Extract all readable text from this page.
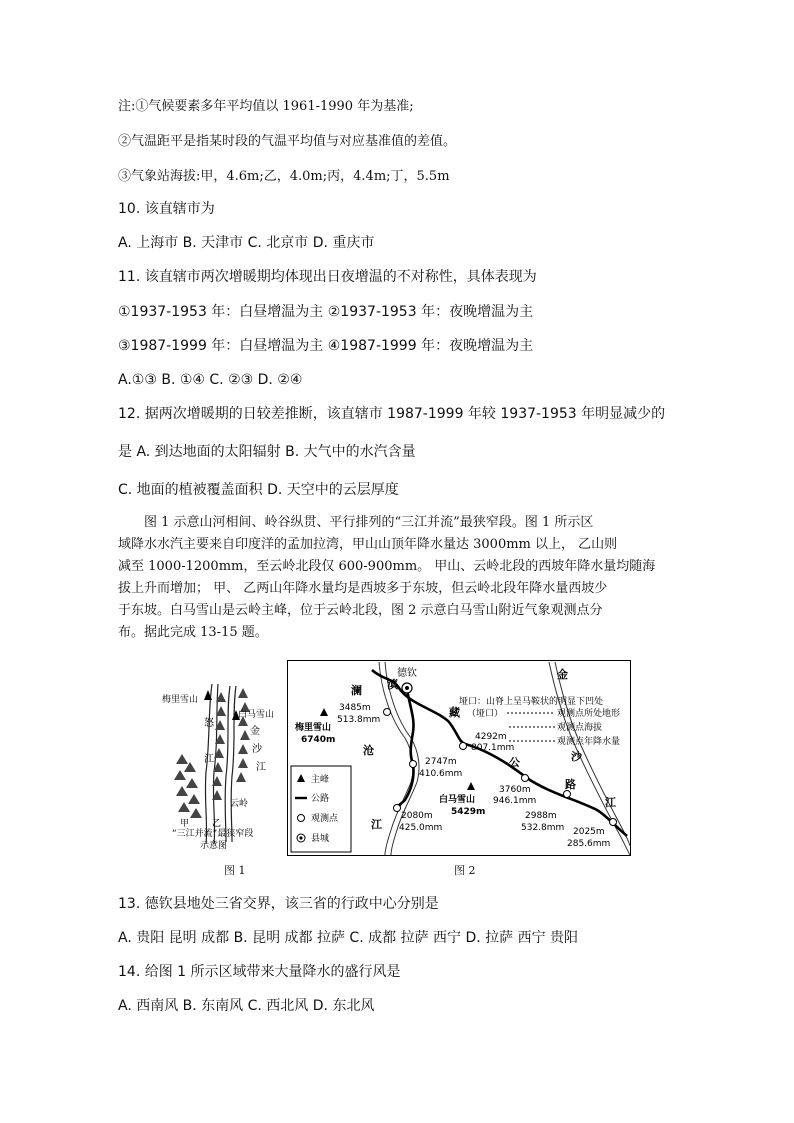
注:①气候要素多年平均值以 1961-1990 年为基准;
②气温距平是指某时段的气温平均值与对应基准值的差值。
③气象站海拔:甲，4.6m;乙，4.0m;丙，4.4m;丁，5.5m
10. 该直辖市为
A. 上海市 B. 天津市 C. 北京市 D. 重庆市
11. 该直辖市两次增暖期均体现出日夜增温的不对称性，具体表现为
①1937-1953 年：白昼增温为主 ②1937-1953 年：夜晚增温为主
③1987-1999 年：白昼增温为主 ④1987-1999 年：夜晚增温为主
A.①③ B. ①④ C. ②③ D. ②④
12. 据两次增暖期的日较差推断，该直辖市 1987-1999 年较 1937-1953 年明显减少的
是 A. 到达地面的太阳辐射 B. 大气中的水汽含量
C. 地面的植被覆盖面积 D. 天空中的云层厚度
图 1 示意山河相间、岭谷纵贯、平行排列的“三江并流”最狭窄段。图 1 所示区
域降水水汽主要来自印度洋的孟加拉湾，甲山山顶年降水量达 3000mm 以上， 乙山则
减至 1000-1200mm，至云岭北段仅 600-900mm。 甲山、云岭北段的西坡年降水量均随海
拔上升而增加； 甲、 乙两山年降水量均是西坡多于东坡，但云岭北段年降水量西坡少
于东坡。白马雪山是云岭主峰，位于云岭北段，图 2 示意白马雪山附近气象观测点分
布。据此完成 13-15 题。
梅里雪山
白马雪山
怒
江
金
沙
江
云岭
甲	乙
“三江并流”最狭窄段
示意图
图 1
德钦
3485m
513.8mm
4292m
807.1mm
2747m
410.6mm
3760m
946.1mm
2080m
425.0mm
2988m
532.8mm 2025m
285.6mm
梅里雪山
6740m
白马雪山
5429m
澜
沧
江
滇
藏
公
路
金
沙
江
垭口：山脊上呈马鞍状的明显下凹处
（垭口）	观测点所处地形
观测点海拔
观测点年降水量
主峰
公路
观测点
县城
图 2
13. 德钦县地处三省交界，该三省的行政中心分别是
A. 贵阳 昆明 成都 B. 昆明 成都 拉萨 C. 成都 拉萨 西宁 D. 拉萨 西宁 贵阳
14. 给图 1 所示区域带来大量降水的盛行风是
A. 西南风 B. 东南风 C. 西北风 D. 东北风
